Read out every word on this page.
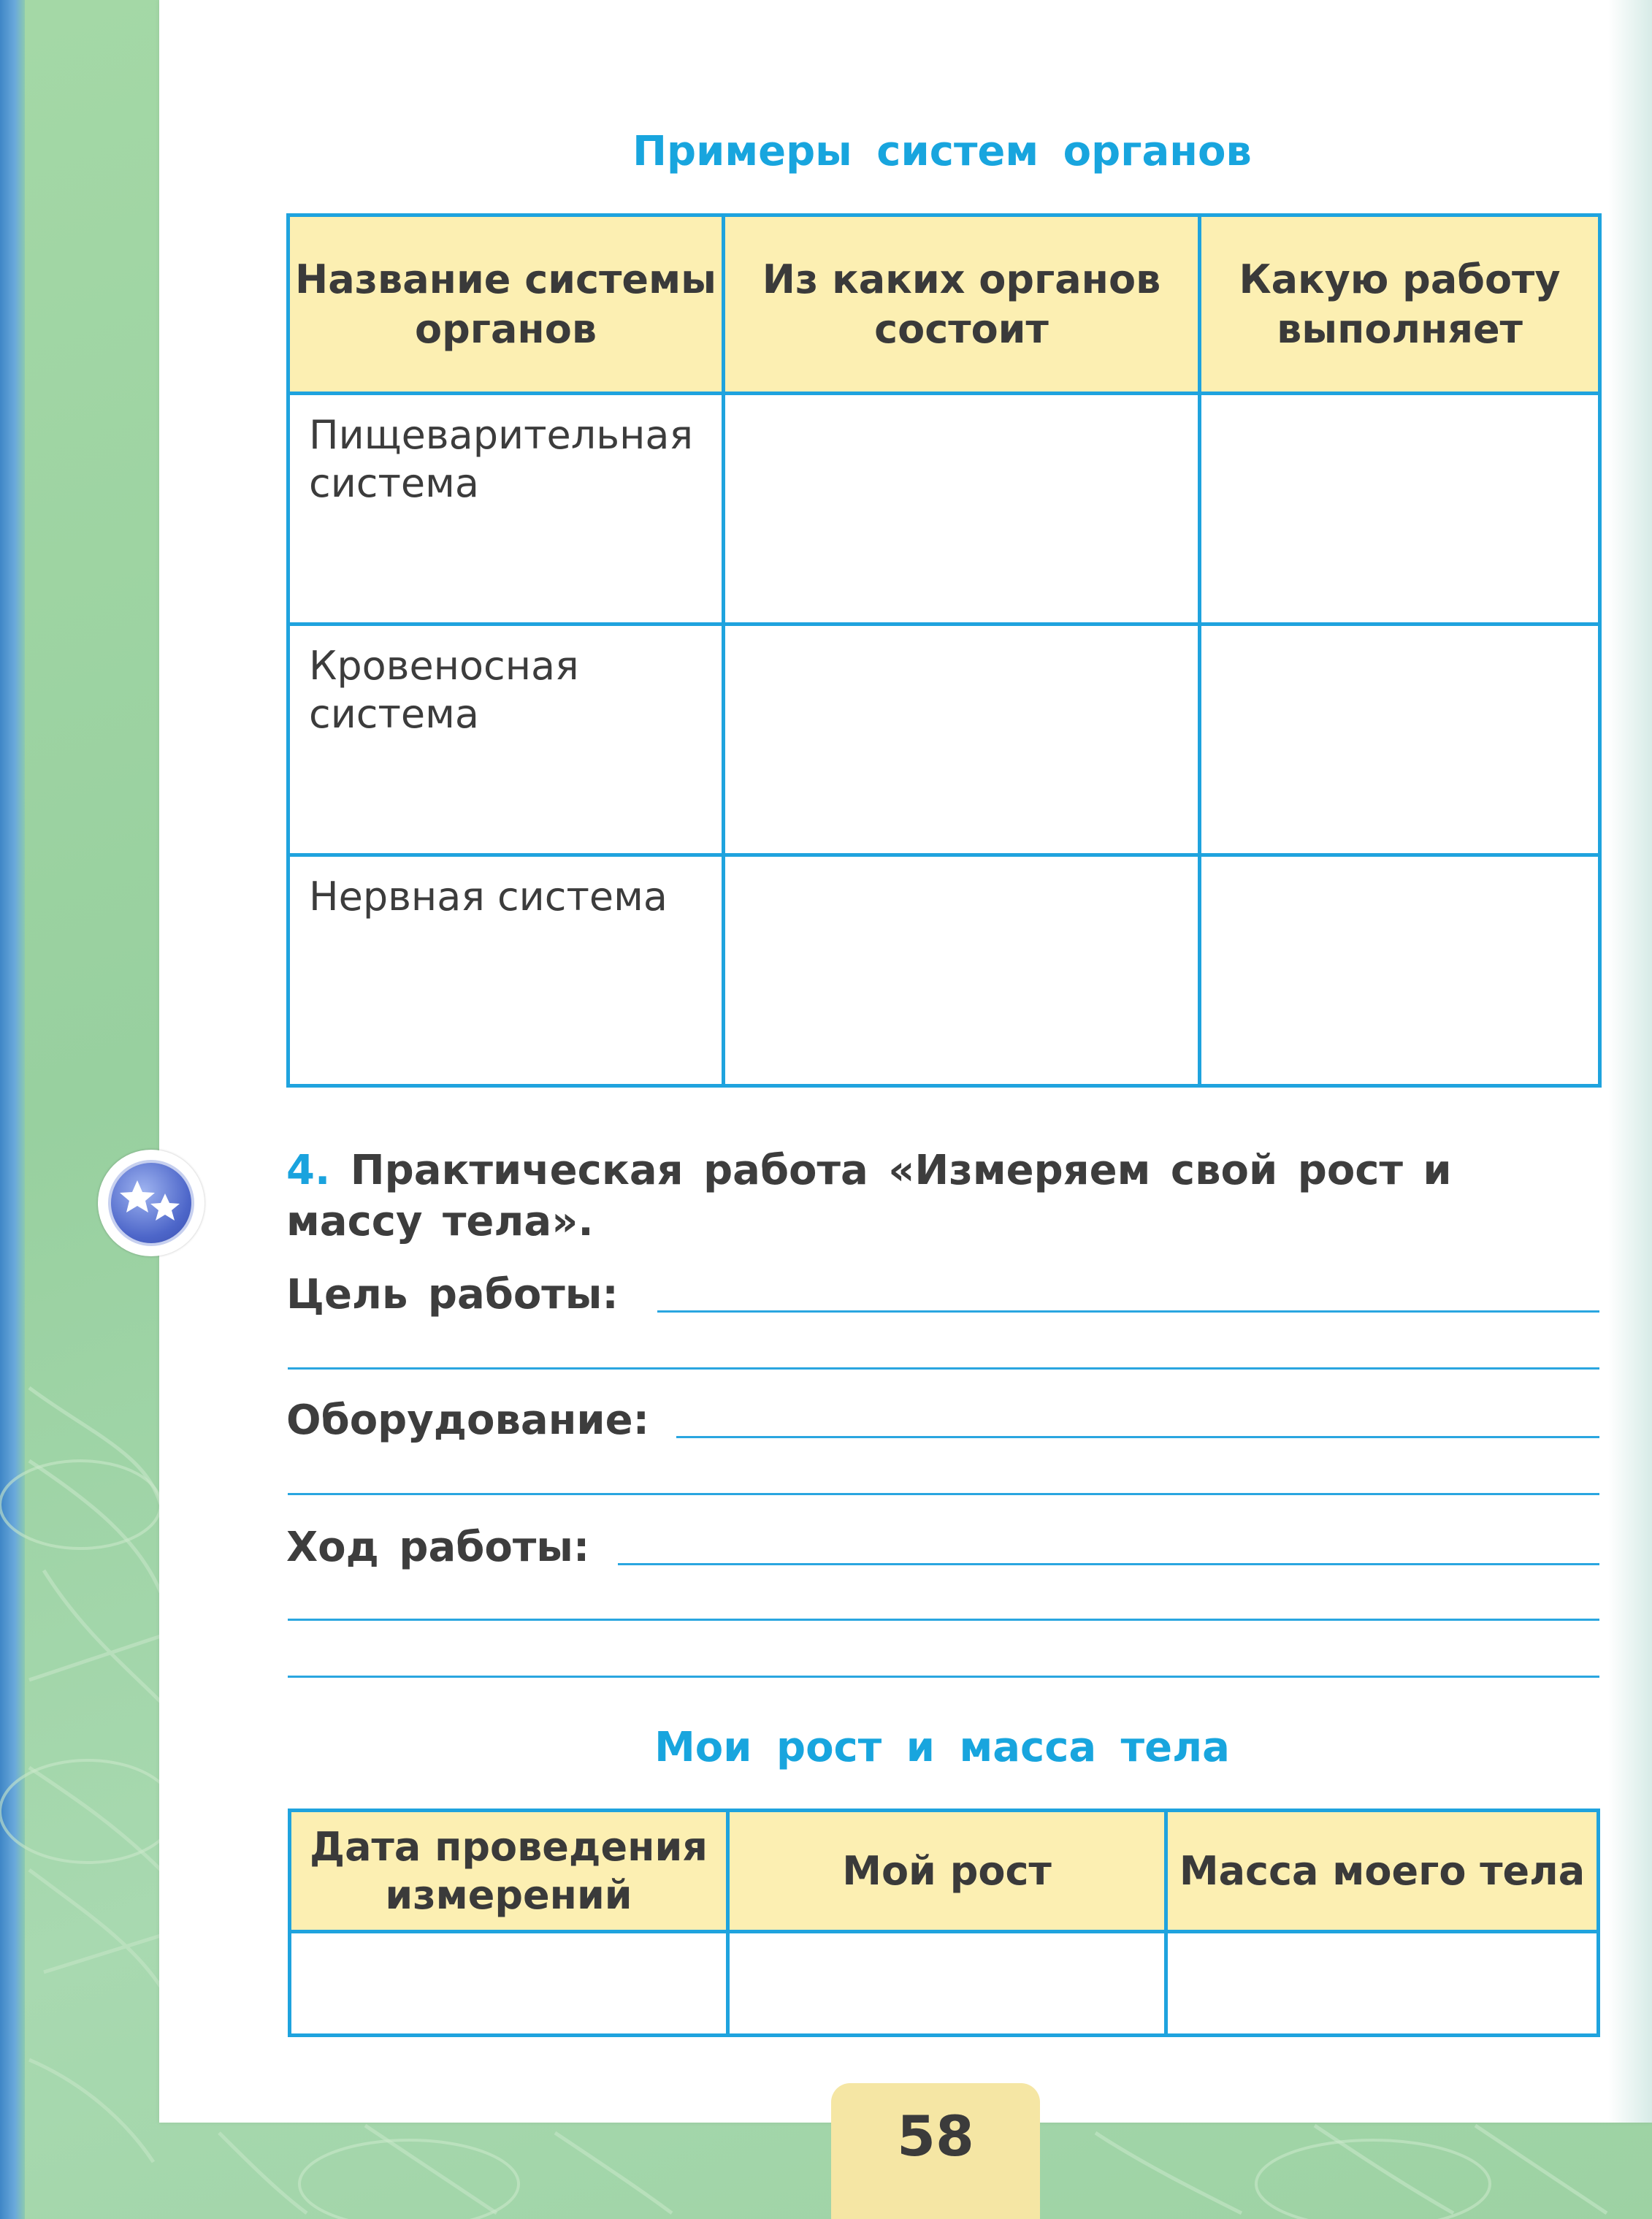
Примеры систем органов
Название системы органов	Из каких органов состоит	Какую работу выполняет
Пищеварительная система		
Кровеносная система		
Нервная система		
4. Практическая работа «Измеряем свой рост и массу тела».
Цель работы:
Оборудование:
Ход работы:
Мои рост и масса тела
Дата проведения измерений	Мой рост	Масса моего тела

58
